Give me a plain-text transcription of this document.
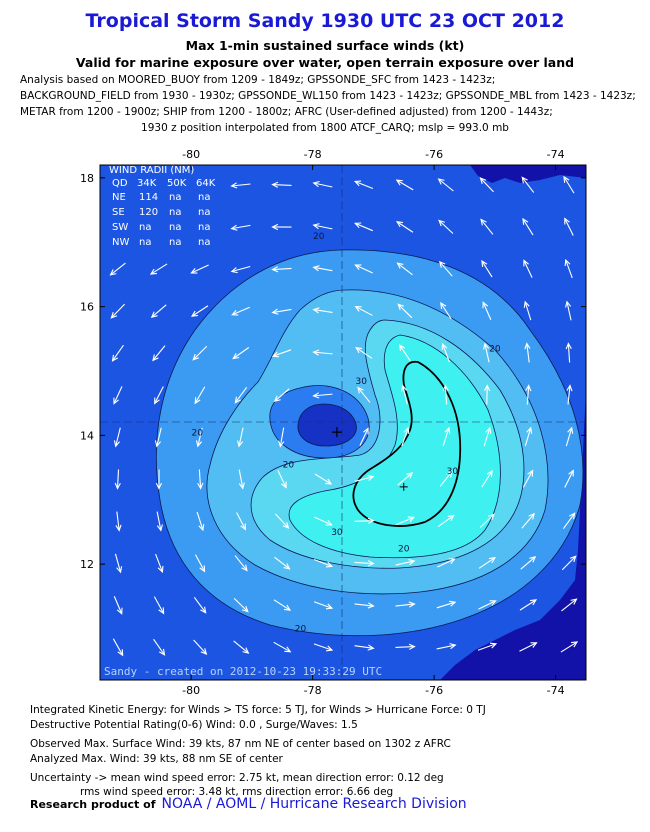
Tropical Storm Sandy 1930 UTC 23 OCT 2012
Max 1-min sustained surface winds (kt)
Valid for marine exposure over water, open terrain exposure over land
Analysis based on MOORED_BUOY from 1209 - 1849z; GPSSONDE_SFC from 1423 - 1423z;
BACKGROUND_FIELD from 1930 - 1930z; GPSSONDE_WL150 from 1423 - 1423z; GPSSONDE_MBL from 1423 - 1423z;
METAR from 1200 - 1900z; SHIP from 1200 - 1800z; AFRC (User-defined adjusted) from 1200 - 1443z;
1930 z position interpolated from 1800 ATCF_CARQ; mslp = 993.0 mb
20
20
20
20
20
20
30
30
30
WIND RADII (NM)
QD 34K 50K 64K
NE 114 na na
SE 120 na na
SW na na na
NW na na na
Sandy - created on 2012-10-23 19:33:29 UTC
-80
-80
-78
-78
-76
-76
-74
-74
18
16
14
12
Integrated Kinetic Energy: for Winds > TS force: 5 TJ, for Winds > Hurricane Force: 0 TJ
Destructive Potential Rating(0-6) Wind: 0.0 , Surge/Waves: 1.5
Observed Max. Surface Wind: 39 kts, 87 nm NE of center based on 1302 z AFRC
Analyzed Max. Wind: 39 kts, 88 nm SE of center
Uncertainty -> mean wind speed error: 2.75 kt, mean direction error: 0.12 deg
rms wind speed error: 3.48 kt, rms direction error: 6.66 deg
Research product of NOAA / AOML / Hurricane Research Division
